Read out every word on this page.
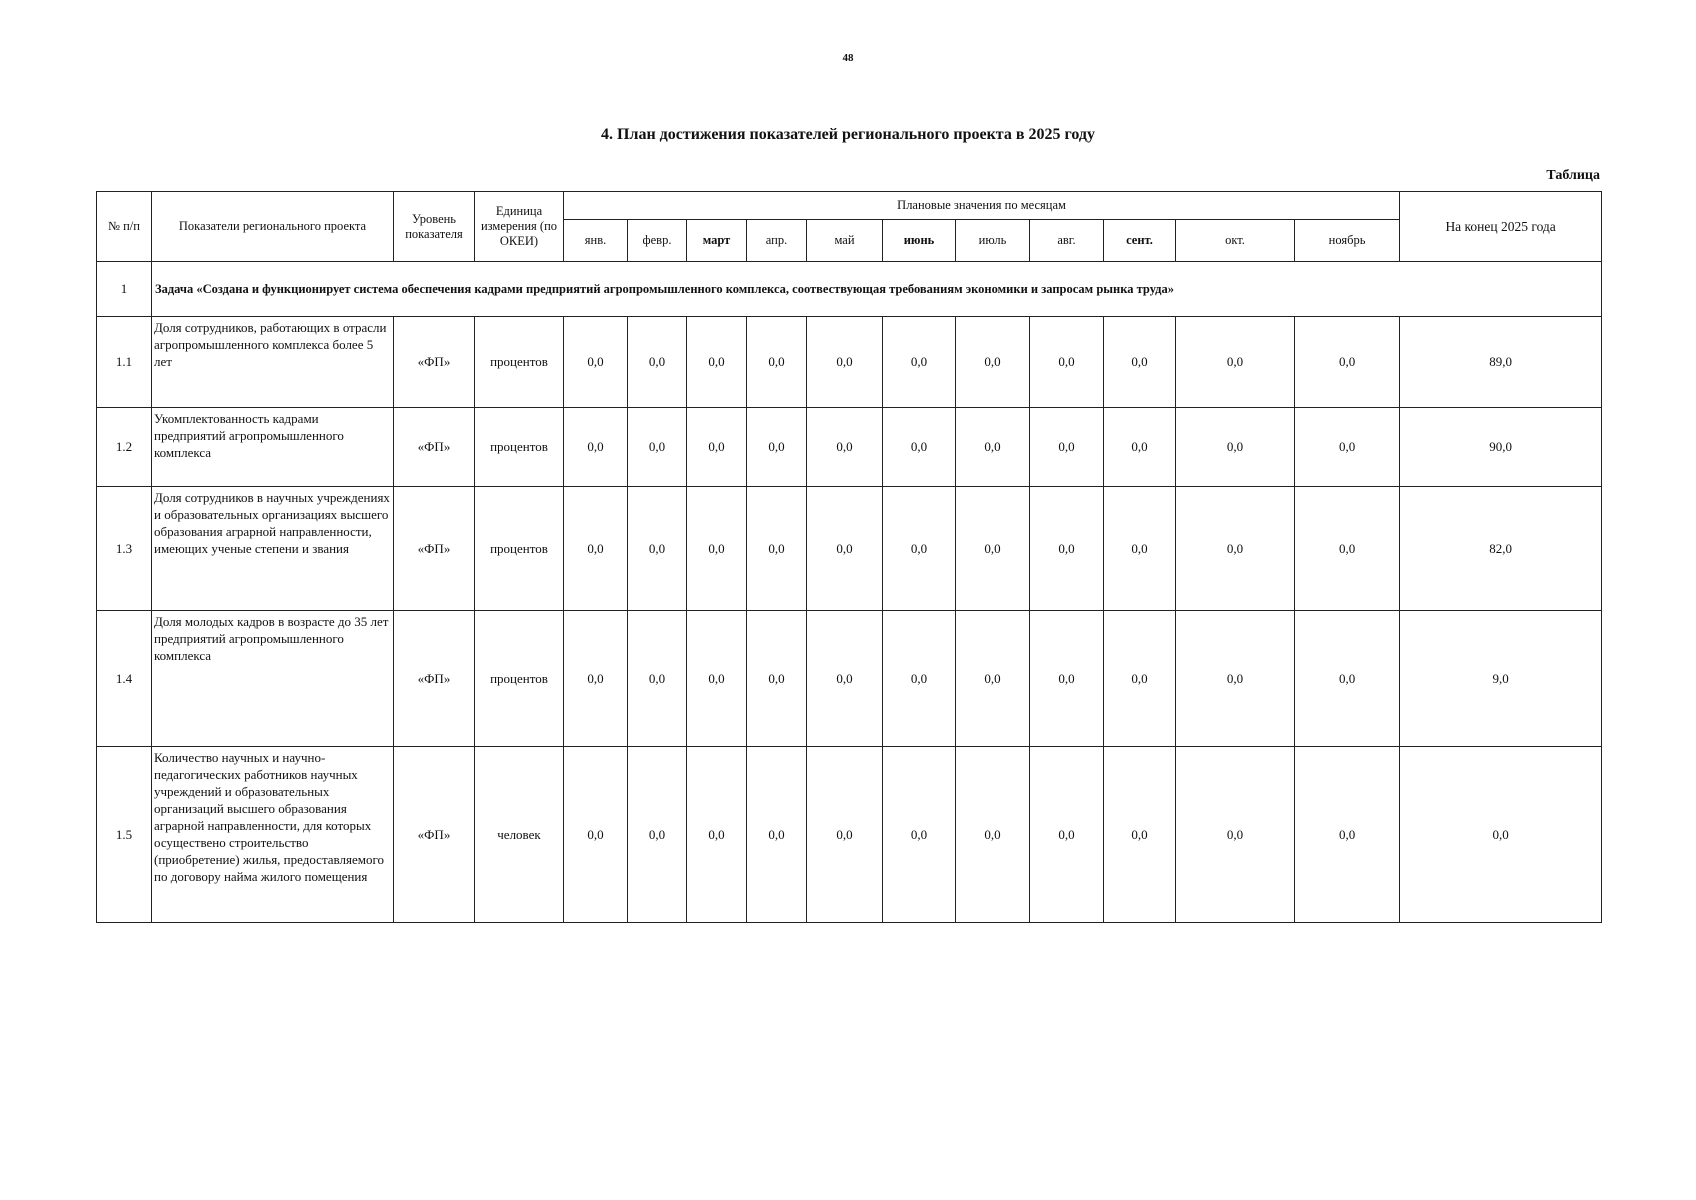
48
4. План достижения показателей регионального проекта в 2025 году
Таблица
№ п/п	Показатели регионального проекта	Уровень показателя	Единица измерения (по ОКЕИ)	Плановые значения по месяцам											На конец 2025 года
				янв.	февр.	март	апр.	май	июнь	июль	авг.	сент.	окт.	ноябрь	
1	Задача «Создана и функционирует система обеспечения кадрами предприятий агропромышленного комплекса, соотвествующая требованиям экономики и запросам рынка труда»														
1.1	Доля сотрудников, работающих в отрасли агропромышленного комплекса более 5 лет	«ФП»	процентов	0,0	0,0	0,0	0,0	0,0	0,0	0,0	0,0	0,0	0,0	0,0	89,0
1.2	Укомплектованность кадрами предприятий агропромышленного комплекса	«ФП»	процентов	0,0	0,0	0,0	0,0	0,0	0,0	0,0	0,0	0,0	0,0	0,0	90,0
1.3	Доля сотрудников в научных учреждениях и образовательных организациях высшего образования аграрной направленности, имеющих ученые степени и звания	«ФП»	процентов	0,0	0,0	0,0	0,0	0,0	0,0	0,0	0,0	0,0	0,0	0,0	82,0
1.4	Доля молодых кадров в возрасте до 35 лет предприятий агропромышленного комплекса	«ФП»	процентов	0,0	0,0	0,0	0,0	0,0	0,0	0,0	0,0	0,0	0,0	0,0	9,0
1.5	Количество научных и научно-педагогических работников научных учреждений и образовательных организаций высшего образования аграрной направленности, для которых осуществено строительство (приобретение) жилья, предоставляемого по договору найма жилого помещения	«ФП»	человек	0,0	0,0	0,0	0,0	0,0	0,0	0,0	0,0	0,0	0,0	0,0	0,0
